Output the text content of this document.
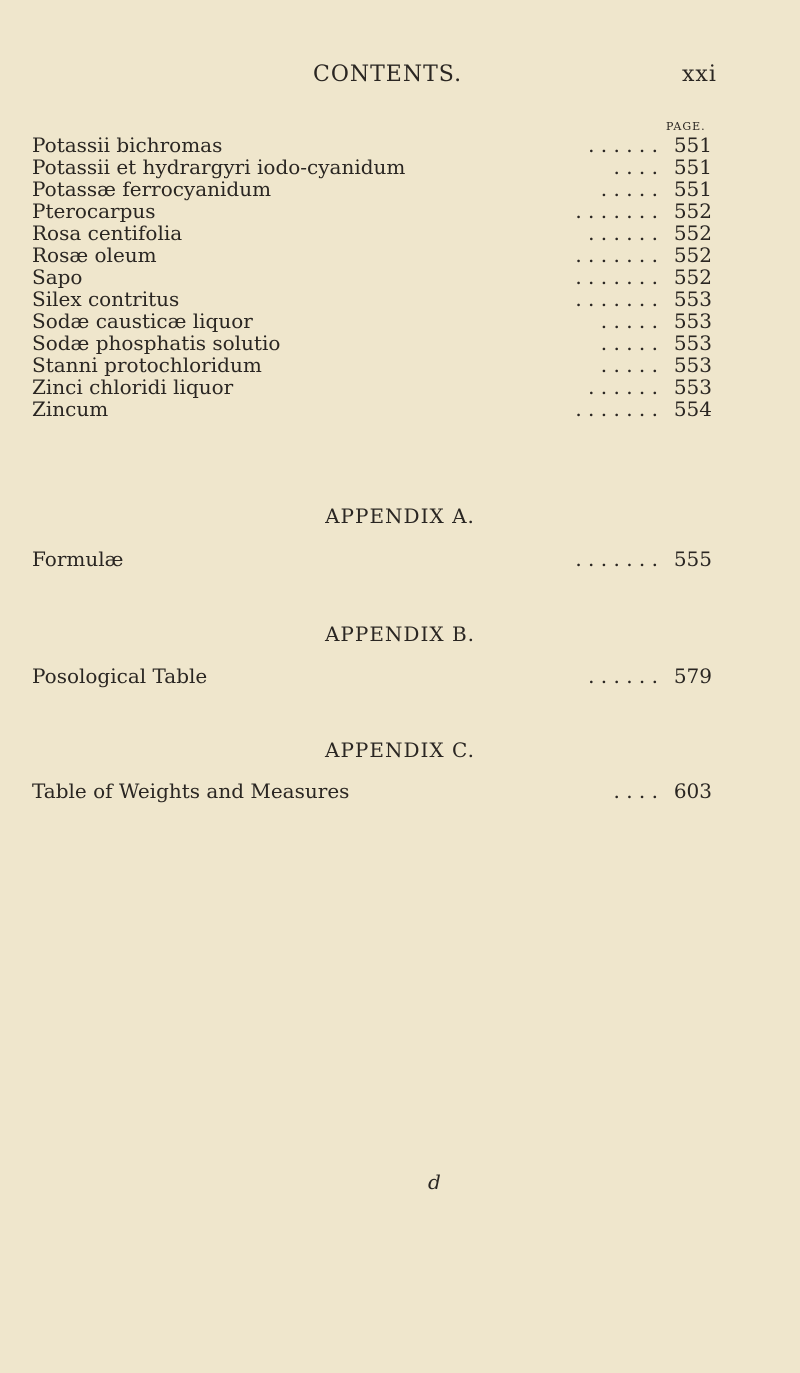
CONTENTS.	xxi
PAGE.
Potassii bichromas	. . . . . . 551
Potassii et hydrargyri iodo-cyanidum	. . . . 551
Potassæ ferrocyanidum	. . . . . 551
Pterocarpus	. . . . . . . 552
Rosa centifolia	. . . . . . 552
Rosæ oleum	. . . . . . . 552
Sapo	. . . . . . . 552
Silex contritus	. . . . . . . 553
Sodæ causticæ liquor	. . . . . 553
Sodæ phosphatis solutio	. . . . . 553
Stanni protochloridum	. . . . . 553
Zinci chloridi liquor	. . . . . . 553
Zincum	. . . . . . . 554
APPENDIX A.
Formulæ	. . . . . . . 555
APPENDIX B.
Posological Table	. . . . . . 579
APPENDIX C.
Table of Weights and Measures	. . . . 603
d
